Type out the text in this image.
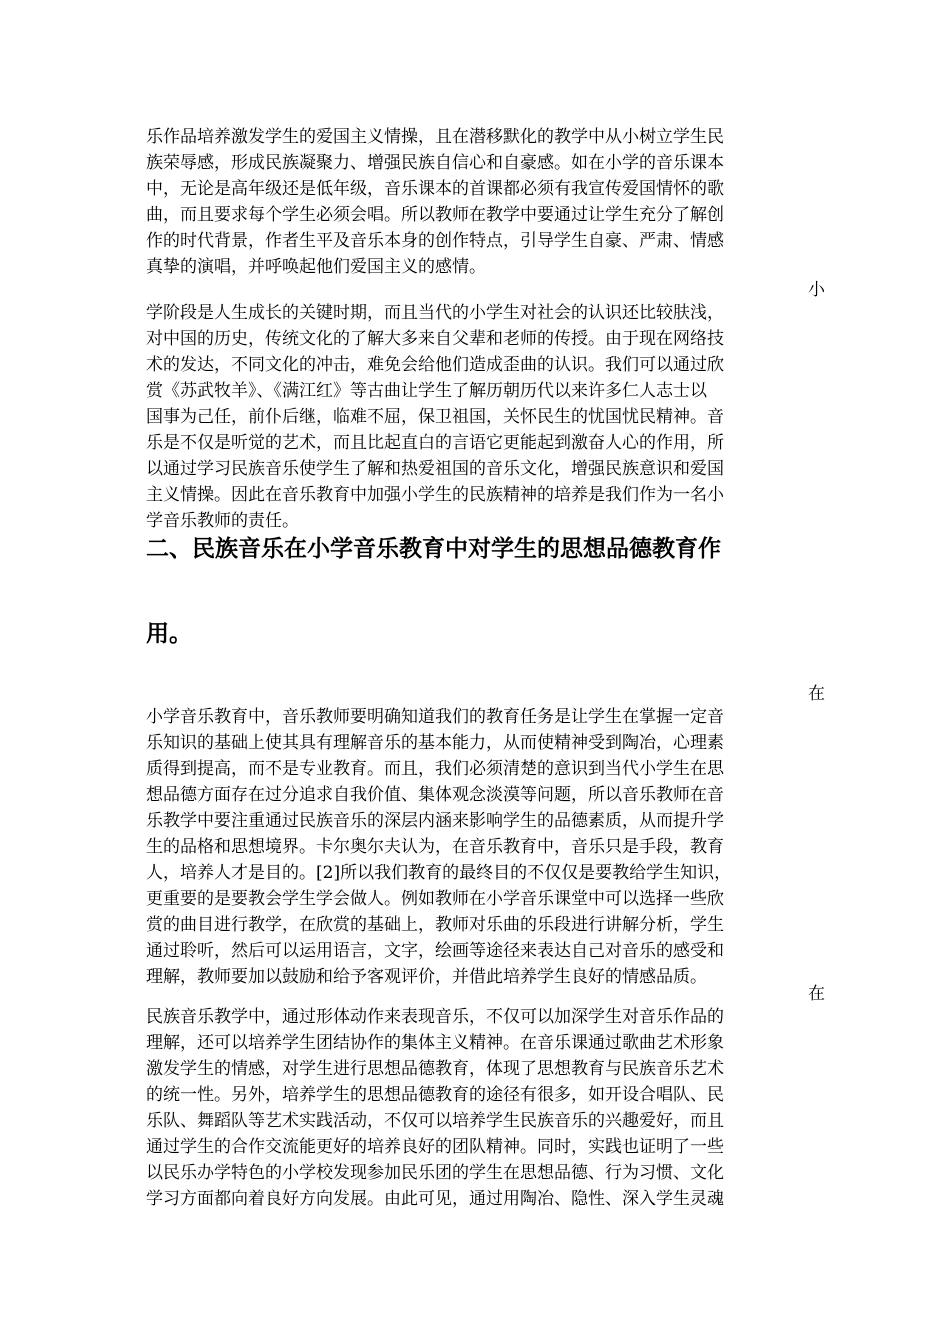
乐作品培养激发学生的爱国主义情操，且在潜移默化的教学中从小树立学生民
族荣辱感，形成民族凝聚力、增强民族自信心和自豪感。如在小学的音乐课本
中，无论是高年级还是低年级，音乐课本的首课都必须有我宣传爱国情怀的歌
曲，而且要求每个学生必须会唱。所以教师在教学中要通过让学生充分了解创
作的时代背景，作者生平及音乐本身的创作特点，引导学生自豪、严肃、情感
真挚的演唱，并呼唤起他们爱国主义的感情。

小

学阶段是人生成长的关键时期，而且当代的小学生对社会的认识还比较肤浅，
对中国的历史，传统文化的了解大多来自父辈和老师的传授。由于现在网络技
术的发达，不同文化的冲击，难免会给他们造成歪曲的认识。我们可以通过欣
赏《苏武牧羊》、《满江红》等古曲让学生了解历朝历代以来许多仁人志士以
国事为己任，前仆后继，临难不屈，保卫祖国，关怀民生的忧国忧民精神。音
乐是不仅是听觉的艺术，而且比起直白的言语它更能起到激奋人心的作用，所
以通过学习民族音乐使学生了解和热爱祖国的音乐文化，增强民族意识和爱国
主义情操。因此在音乐教育中加强小学生的民族精神的培养是我们作为一名小
学音乐教师的责任。

二、民族音乐在小学音乐教育中对学生的思想品德教育作
用。
在

小学音乐教育中，音乐教师要明确知道我们的教育任务是让学生在掌握一定音
乐知识的基础上使其具有理解音乐的基本能力，从而使精神受到陶冶，心理素
质得到提高，而不是专业教育。而且，我们必须清楚的意识到当代小学生在思
想品德方面存在过分追求自我价值、集体观念淡漠等问题，所以音乐教师在音
乐教学中要注重通过民族音乐的深层内涵来影响学生的品德素质，从而提升学
生的品格和思想境界。卡尔奥尔夫认为，在音乐教育中，音乐只是手段，教育
人，培养人才是目的。[2]所以我们教育的最终目的不仅仅是要教给学生知识，
更重要的是要教会学生学会做人。例如教师在小学音乐课堂中可以选择一些欣
赏的曲目进行教学，在欣赏的基础上，教师对乐曲的乐段进行讲解分析，学生
通过聆听，然后可以运用语言，文字，绘画等途径来表达自己对音乐的感受和
理解，教师要加以鼓励和给予客观评价，并借此培养学生良好的情感品质。

在

民族音乐教学中，通过形体动作来表现音乐，不仅可以加深学生对音乐作品的
理解，还可以培养学生团结协作的集体主义精神。在音乐课通过歌曲艺术形象
激发学生的情感，对学生进行思想品德教育，体现了思想教育与民族音乐艺术
的统一性。另外，培养学生的思想品德教育的途径有很多，如开设合唱队、民
乐队、舞蹈队等艺术实践活动，不仅可以培养学生民族音乐的兴趣爱好，而且
通过学生的合作交流能更好的培养良好的团队精神。同时，实践也证明了一些
以民乐办学特色的小学校发现参加民乐团的学生在思想品德、行为习惯、文化
学习方面都向着良好方向发展。由此可见，通过用陶冶、隐性、深入学生灵魂
